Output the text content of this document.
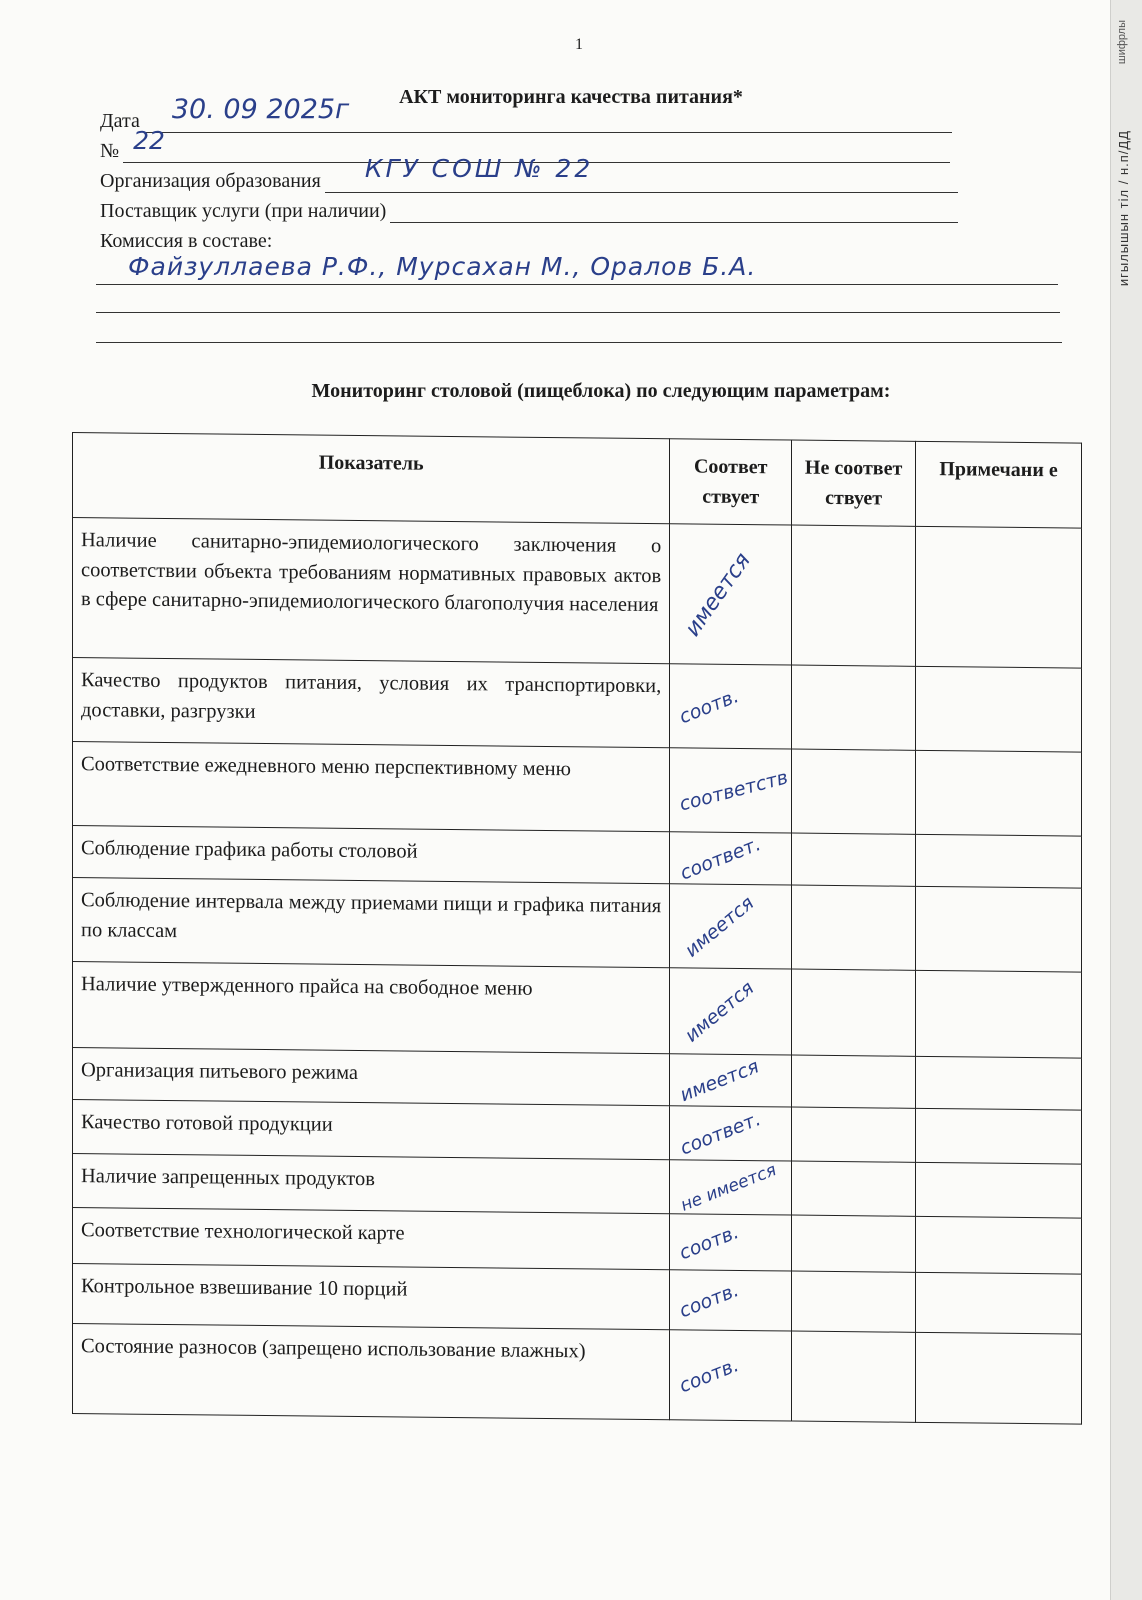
шифрлы
игылышын тіл / н.п/ДД
1
АКТ мониторинга качества питания*
Дата 30. 09 2025г
№ 22
Организация образования КГУ СОШ № 22
Поставщик услуги (при наличии)
Комиссия в составе:
Файзуллаева Р.Ф., Мурсахан М., Оралов Б.А.
Мониторинг столовой (пищеблока) по следующим параметрам:
Показатель	Соответ ствует	Не соответ ствует	Примечани е
Наличие санитарно-эпидемиологического заключения о соответствии объекта требованиям нормативных правовых актов в сфере санитарно-эпидемиологического благополучия населения	имеется		

Качество продуктов питания, условия их транспортировки, доставки, разгрузки	соотв.		

Соответствие ежедневного меню перспективному меню	соответств		

Соблюдение графика работы столовой	соответ.		

Соблюдение интервала между приемами пищи и графика питания по классам	имеется		

Наличие утвержденного прайса на свободное меню	имеется		

Организация питьевого режима	имеется		

Качество готовой продукции	соответ.		

Наличие запрещенных продуктов	не имеется		

Соответствие технологической карте	соотв.		

Контрольное взвешивание 10 порций	соотв.		

Состояние разносов (запрещено использование влажных)	соотв.		
